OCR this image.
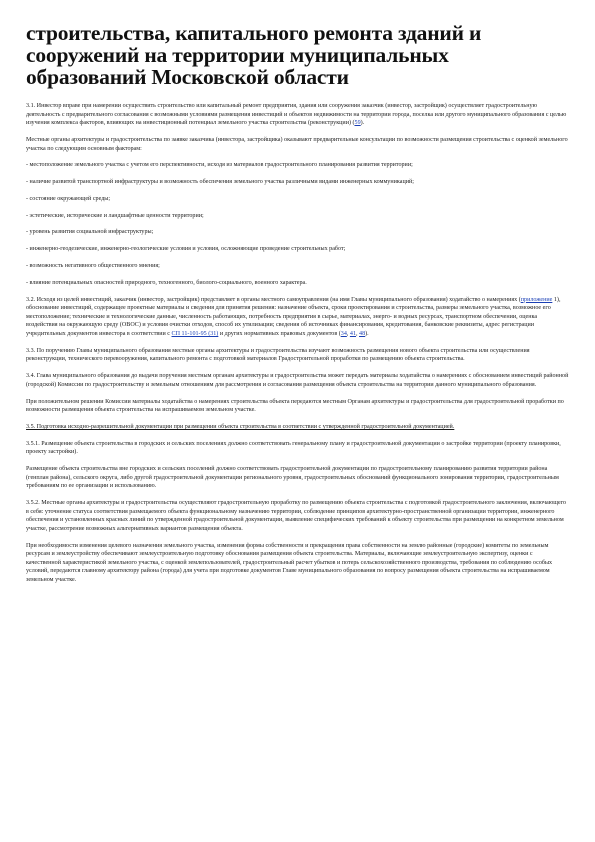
строительства, капитального ремонта зданий и сооружений на территории муниципальных образований Московской области

3.1. Инвестор вправе при намерении осуществить строительство или капитальный ремонт предприятия, здания или сооружения заказчик (инвестор, застройщик) осуществляет градостроительную деятельность с предварительного согласования с возможными условиями размещения инвестиций и объектов недвижимости на территории города, поселка или другого муниципального образования с целью изучения комплекса факторов, влияющих на инвестиционный потенциал земельного участка строительства (реконструкции) (59).

Местные органы архитектуры и градостроительства по заявке заказчика (инвестора, застройщика) оказывают предварительные консультации по возможности размещения строительства с оценкой земельного участка по следующим основным факторам:

- местоположение земельного участка с учетом его перспективности, исходя из материалов градостроительного планирования развития территории;

- наличие развитой транспортной инфраструктуры и возможность обеспечения земельного участка различными видами инженерных коммуникаций;

- состояние окружающей среды;

- эстетические, исторические и ландшафтные ценности территории;

- уровень развития социальной инфраструктуры;

- инженерно-геодезические, инженерно-геологические условия и условия, осложняющие проведение строительных работ;

- возможность негативного общественного мнения;

- влияние потенциальных опасностей природного, техногенного, биолого-социального, военного характера.

3.2. Исходя из целей инвестиций, заказчик (инвестор, застройщик) представляет в органы местного самоуправления (на имя Главы муниципального образования) ходатайство о намерениях (приложение 1), обоснование инвестиций, содержащее проектные материалы и сведения для принятия решения: назначение объекта, сроки проектирования и строительства, размеры земельного участка, возможное его местоположение; технические и технологические данные, численность работающих, потребность предприятия в сырье, материалах, энерго- и водных ресурсах, транспортном обеспечении, оценка воздействия на окружающую среду (ОВОС) и условия очистки отходов, способ их утилизации; сведения об источниках финансирования, кредитования, банковские реквизиты, адрес регистрации учредительных документов инвестора в соответствии с СП 11-101-95 (31) и других нормативных правовых документов (34, 41, 48).

3.3. По поручению Главы муниципального образования местные органы архитектуры и градостроительства изучают возможность размещения нового объекта строительства или осуществления реконструкции, технического перевооружения, капитального ремонта с подготовкой материалов Градостроительной проработки по размещению объекта строительства.

3.4. Глава муниципального образования до выдачи поручения местным органам архитектуры и градостроительства может передать материалы ходатайства о намерениях с обоснованием инвестиций районной (городской) Комиссии по градостроительству и земельным отношениям для рассмотрения и согласования размещения объекта строительства на территории данного муниципального образования.

При положительном решении Комиссии материалы ходатайства о намерениях строительства объекта передаются местным Органам архитектуры и градостроительства для градостроительной проработки по возможности размещения объекта строительства на испрашиваемом земельном участке.

3.5. Подготовка исходно-разрешительной документации при размещении объекта строительства в соответствии с утвержденной градостроительной документацией.

3.5.1. Размещение объекта строительства в городских и сельских поселениях должно соответствовать генеральному плану и градостроительной документации о застройке территории (проекту планировки, проекту застройки).

Размещение объекта строительства вне городских и сельских поселений должно соответствовать градостроительной документации по градостроительному планированию развития территории района (генплан района), сельского округа, либо другой градостроительной документации регионального уровня, градостроительных обоснований функционального зонирования территории, градостроительным требованиям по ее организации и использованию.

3.5.2. Местные органы архитектуры и градостроительства осуществляют градостроительную проработку по размещению объекта строительства с подготовкой градостроительного заключения, включающего в себя: уточнение статуса соответствия размещаемого объекта функциональному назначению территории, соблюдение принципов архитектурно-пространственной организации территории, инженерного обеспечения и установленных красных линий по утвержденной градостроительной документации, выявление специфических требований к объекту строительства при размещении на конкретном земельном участке, рассмотрение возможных альтернативных вариантов размещения объекта.

При необходимости изменения целевого назначения земельного участка, изменения формы собственности и прекращения права собственности на землю районные (городские) комитеты по земельным ресурсам и землеустройству обеспечивают землеустроительную подготовку обоснования размещения объекта строительства. Материалы, включающие землеустроительную экспертизу, оценки с качественной характеристикой земельного участка, с оценкой землепользователей, градостроительный расчет убытков и потерь сельскохозяйственного производства, требования по соблюдению особых условий, передаются главному архитектору района (города) для учета при подготовке документов Главе муниципального образования по вопросу размещения объекта строительства на испрашиваемом земельном участке.
